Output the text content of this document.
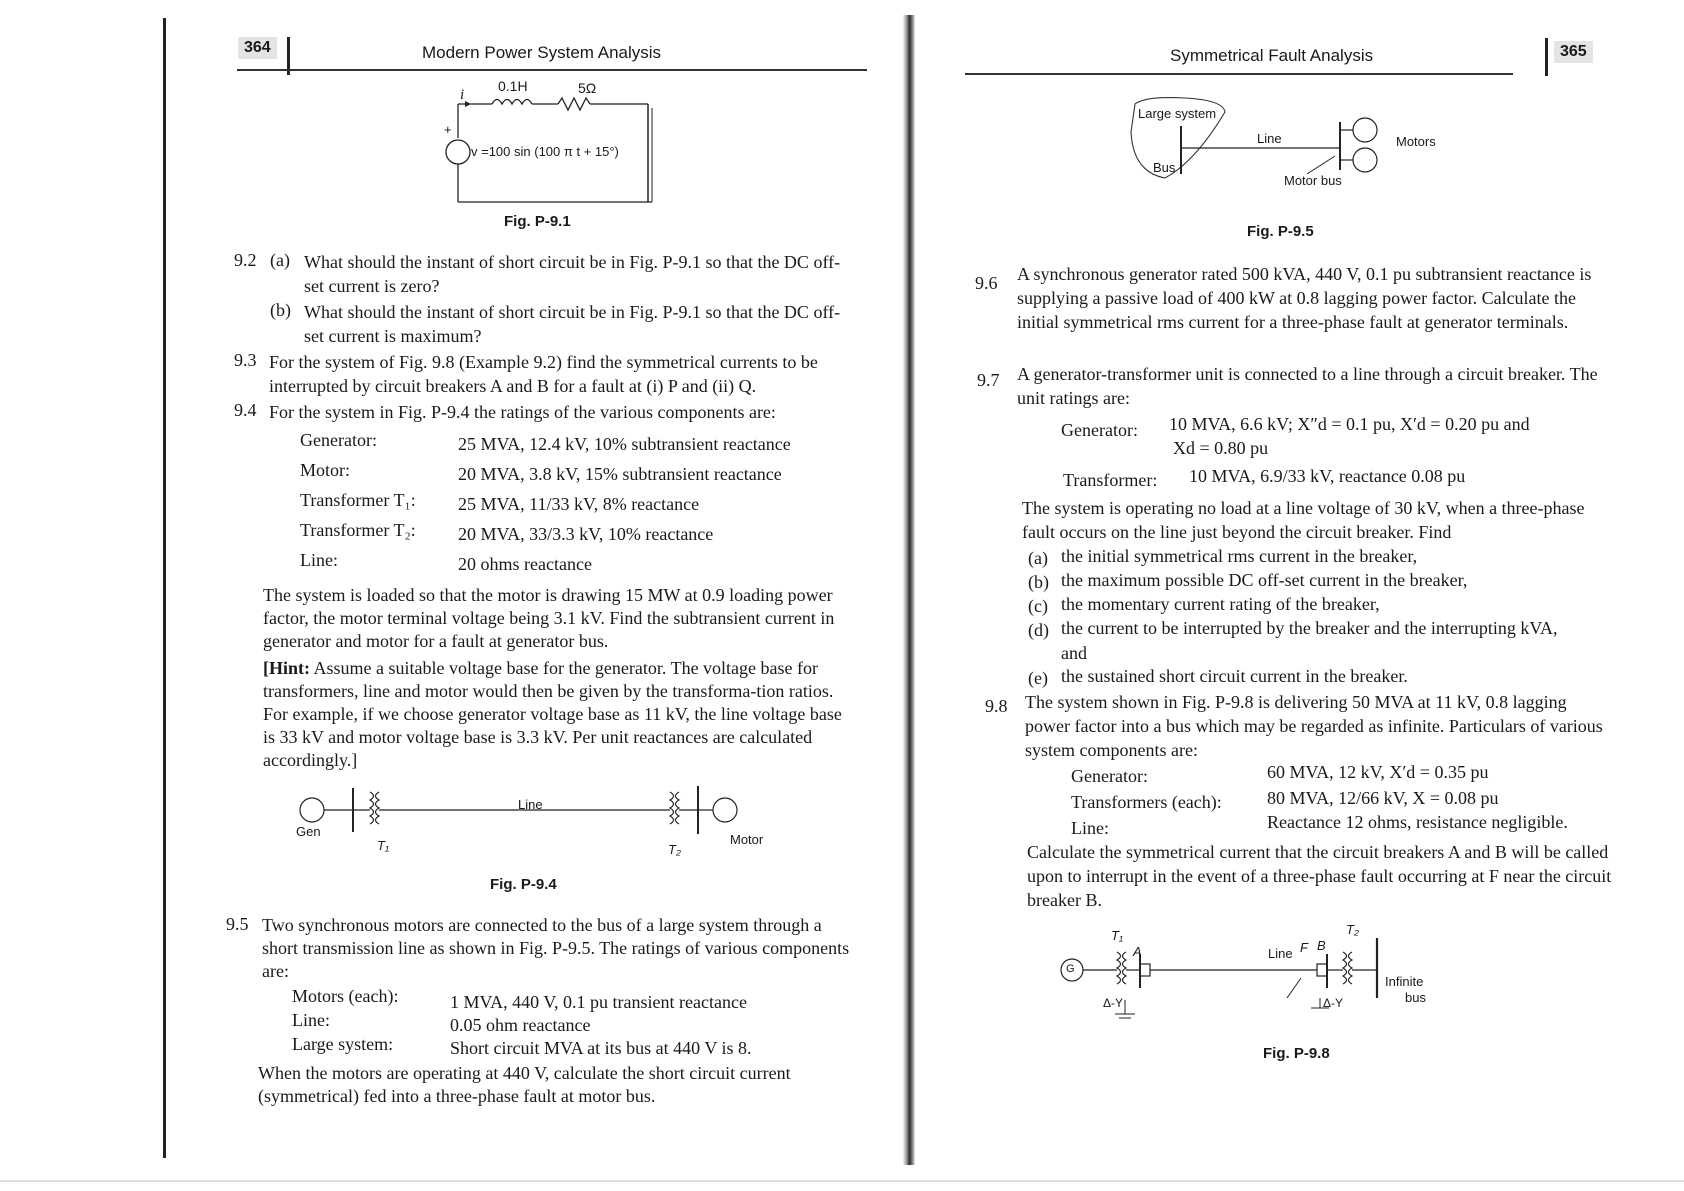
364	Modern Power System Analysis
i
0.1H	5Ω
+
v =100 sin (100 π t + 15°)
Fig. P-9.1
9.2 (a) What should the instant of short circuit be in Fig. P-9.1 so that the DC off-set current is zero?
(b) What should the instant of short circuit be in Fig. P-9.1 so that the DC off-set current is maximum?
9.3 For the system of Fig. 9.8 (Example 9.2) find the symmetrical currents to be interrupted by circuit breakers A and B for a fault at (i) P and (ii) Q.
9.4 For the system in Fig. P-9.4 the ratings of the various components are:
Generator:	25 MVA, 12.4 kV, 10% subtransient reactance
Motor:	20 MVA, 3.8 kV, 15% subtransient reactance
Transformer T₁: 25 MVA, 11/33 kV, 8% reactance
Transformer T₂: 20 MVA, 33/3.3 kV, 10% reactance
Line:	20 ohms reactance
The system is loaded so that the motor is drawing 15 MW at 0.9 loading power factor, the motor terminal voltage being 3.1 kV. Find the subtransient current in generator and motor for a fault at generator bus.
[Hint: Assume a suitable voltage base for the generator. The voltage base for transformers, line and motor would then be given by the transforma-tion ratios. For example, if we choose generator voltage base as 11 kV, the line voltage base is 33 kV and motor voltage base is 3.3 kV. Per unit reactances are calculated accordingly.]
Gen
T₁
Line
T₂
Motor
Fig. P-9.4
9.5 Two synchronous motors are connected to the bus of a large system through a short transmission line as shown in Fig. P-9.5. The ratings of various components are:
Motors (each):	1 MVA, 440 V, 0.1 pu transient reactance
Line:	0.05 ohm reactance
Large system:	Short circuit MVA at its bus at 440 V is 8.
When the motors are operating at 440 V, calculate the short circuit current (symmetrical) fed into a three-phase fault at motor bus.
Symmetrical Fault Analysis	365
Large system
Bus
Line	Motors
Motor bus
Fig. P-9.5
9.6 A synchronous generator rated 500 kVA, 440 V, 0.1 pu subtransient reactance is supplying a passive load of 400 kW at 0.8 lagging power factor. Calculate the initial symmetrical rms current for a three-phase fault at generator terminals.
9.7 A generator-transformer unit is connected to a line through a circuit breaker. The unit ratings are:
Generator: 10 MVA, 6.6 kV; X″d = 0.1 pu, X′d = 0.20 pu and
Xd = 0.80 pu
Transformer: 10 MVA, 6.9/33 kV, reactance 0.08 pu
The system is operating no load at a line voltage of 30 kV, when a three-phase fault occurs on the line just beyond the circuit breaker. Find
(a) the initial symmetrical rms current in the breaker,
(b) the maximum possible DC off-set current in the breaker,
(c) the momentary current rating of the breaker,
(d) the current to be interrupted by the breaker and the interrupting kVA,
and
(e) the sustained short circuit current in the breaker.
9.8 The system shown in Fig. P-9.8 is delivering 50 MVA at 11 kV, 0.8 lagging power factor into a bus which may be regarded as infinite. Particulars of various system components are:
Generator:	60 MVA, 12 kV, X′d = 0.35 pu
Transformers (each):	80 MVA, 12/66 kV, X = 0.08 pu
Line:	Reactance 12 ohms, resistance negligible.
Calculate the symmetrical current that the circuit breakers A and B will be called upon to interrupt in the event of a three-phase fault occurring at F near the circuit breaker B.
G
T₁
A
Δ-Y
Line F B
T₂
Δ-Y
Infinite
bus
Fig. P-9.8
